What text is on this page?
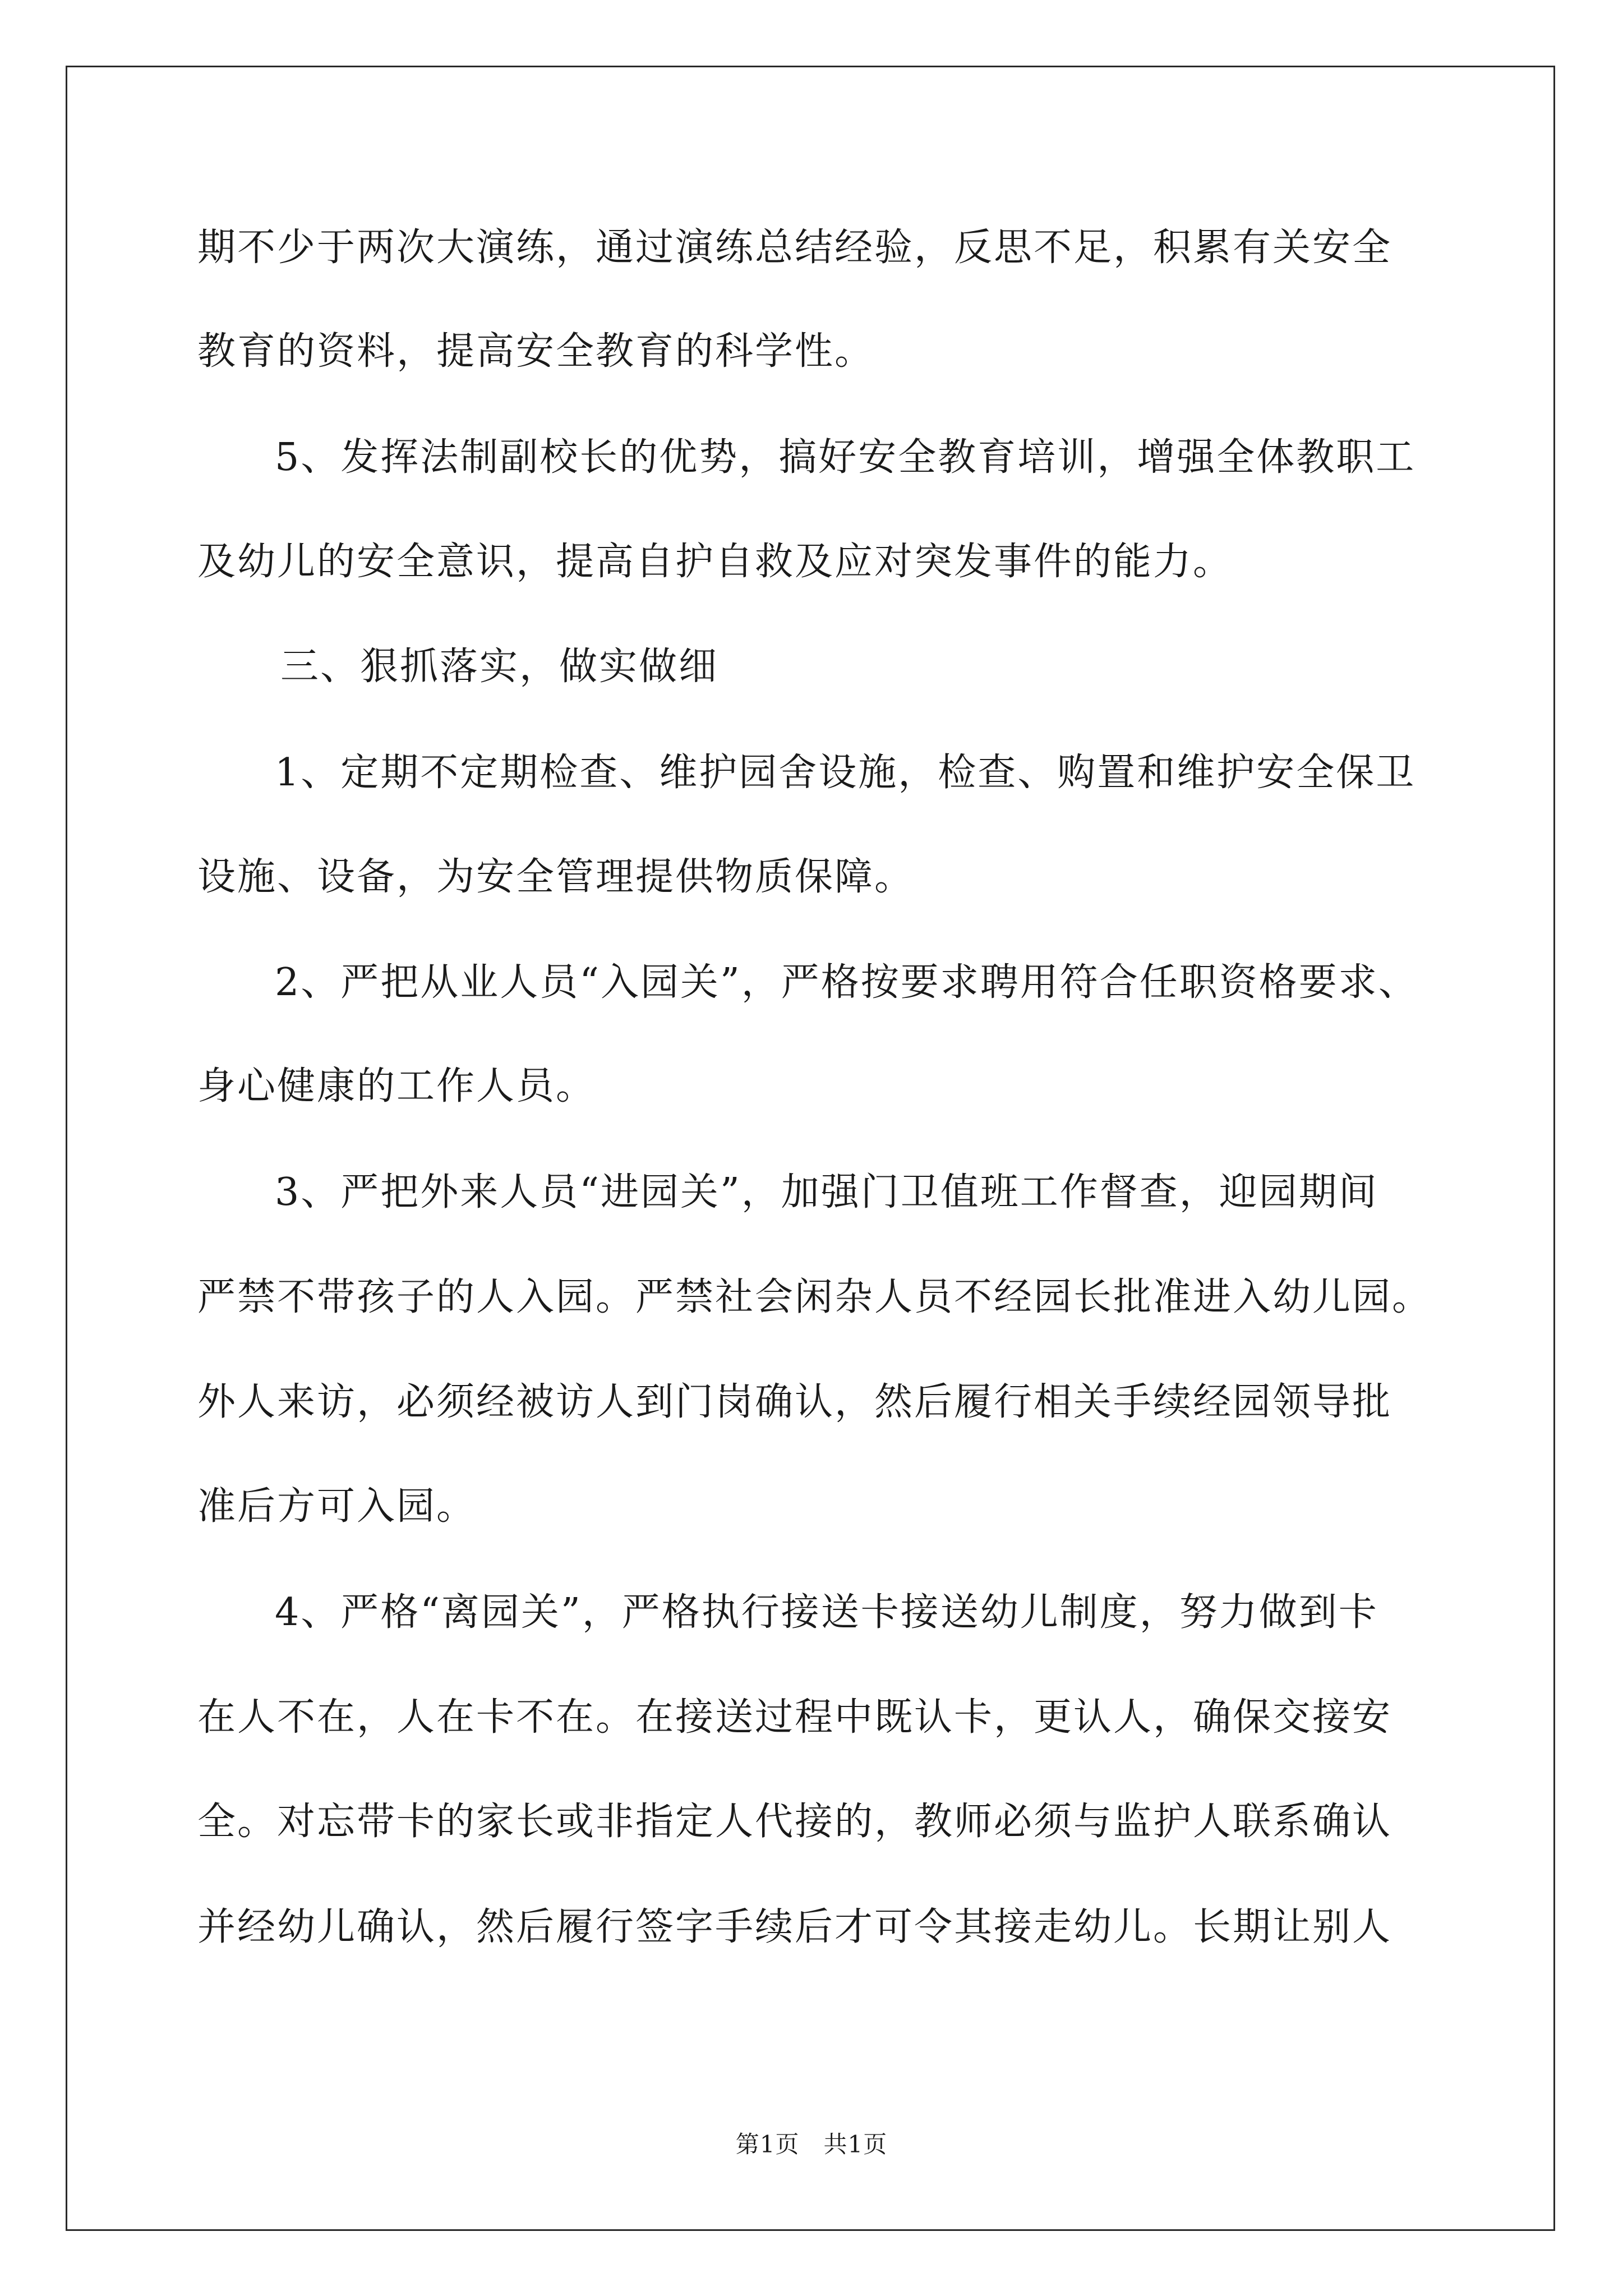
期不少于两次大演练，通过演练总结经验，反思不足，积累有关安全
教育的资料，提高安全教育的科学性。
5、发挥法制副校长的优势，搞好安全教育培训，增强全体教职工
及幼儿的安全意识，提高自护自救及应对突发事件的能力。
三、狠抓落实，做实做细
1、定期不定期检查、维护园舍设施，检查、购置和维护安全保卫
设施、设备，为安全管理提供物质保障。
2、严把从业人员“入园关”，严格按要求聘用符合任职资格要求、
身心健康的工作人员。
3、严把外来人员“进园关”，加强门卫值班工作督查，迎园期间
严禁不带孩子的人入园。严禁社会闲杂人员不经园长批准进入幼儿园。
外人来访，必须经被访人到门岗确认，然后履行相关手续经园领导批
准后方可入园。
4、严格“离园关”，严格执行接送卡接送幼儿制度，努力做到卡
在人不在，人在卡不在。在接送过程中既认卡，更认人，确保交接安
全。对忘带卡的家长或非指定人代接的，教师必须与监护人联系确认
并经幼儿确认，然后履行签字手续后才可令其接走幼儿。长期让别人
第1页　共1页
